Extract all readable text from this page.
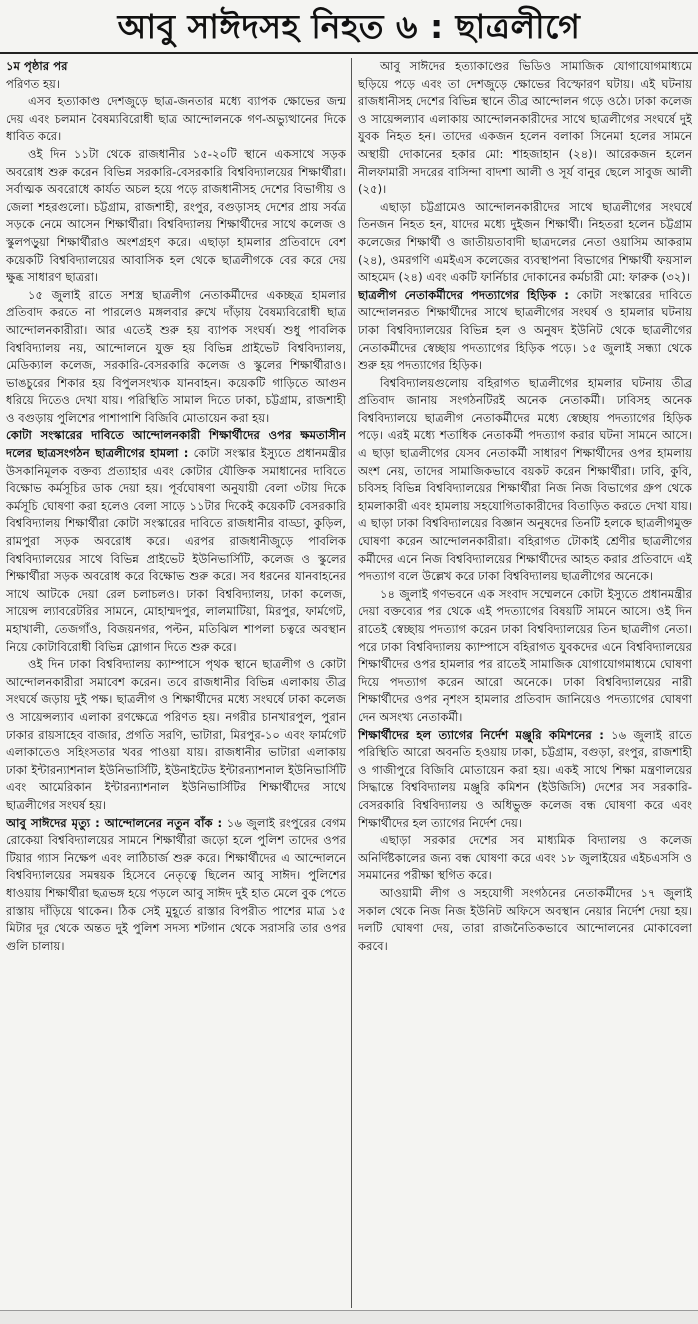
আবু সাঈদসহ নিহত ৬ : ছাত্রলীগে

১ম পৃষ্ঠার পর

পরিণত হয়।

এসব হত্যাকাণ্ড দেশজুড়ে ছাত্র-জনতার মধ্যে ব্যাপক ক্ষোভের জন্ম দেয় এবং চলমান বৈষম্যবিরোধী ছাত্র আন্দোলনকে গণ-অভ্যুত্থানের দিকে ধাবিত করে।

ওই দিন ১১টা থেকে রাজধানীর ১৫-২০টি স্থানে একসাথে সড়ক অবরোধ শুরু করেন বিভিন্ন সরকারি-বেসরকারি বিশ্ববিদ্যালয়ের শিক্ষার্থীরা। সর্বাত্মক অবরোধে কার্যত অচল হয়ে পড়ে রাজধানীসহ দেশের বিভাগীয় ও জেলা শহরগুলো। চট্টগ্রাম, রাজশাহী, রংপুর, বগুড়াসহ দেশের প্রায় সর্বত্র সড়কে নেমে আসেন শিক্ষার্থীরা। বিশ্ববিদ্যালয় শিক্ষার্থীদের সাথে কলেজ ও স্কুলপড়ুয়া শিক্ষার্থীরাও অংশগ্রহণ করে। এছাড়া হামলার প্রতিবাদে বেশ কয়েকটি বিশ্ববিদ্যালয়ের আবাসিক হল থেকে ছাত্রলীগকে বের করে দেয় ক্ষুব্ধ সাধারণ ছাত্ররা।

১৫ জুলাই রাতে সশস্ত্র ছাত্রলীগ নেতাকর্মীদের একচ্ছত্র হামলার প্রতিবাদ করতে না পারলেও মঙ্গলবার রুখে দাঁড়ায় বৈষম্যবিরোধী ছাত্র আন্দোলনকারীরা। আর এতেই শুরু হয় ব্যাপক সংঘর্ষ। শুধু পাবলিক বিশ্ববিদ্যালয় নয়, আন্দোলনে যুক্ত হয় বিভিন্ন প্রাইভেট বিশ্ববিদ্যালয়, মেডিক্যাল কলেজ, সরকারি-বেসরকারি কলেজ ও স্কুলের শিক্ষার্থীরাও। ভাঙচুরের শিকার হয় বিপুলসংখ্যক যানবাহন। কয়েকটি গাড়িতে আগুন ধরিয়ে দিতেও দেখা যায়। পরিস্থিতি সামাল দিতে ঢাকা, চট্টগ্রাম, রাজশাহী ও বগুড়ায় পুলিশের পাশাপাশি বিজিবি মোতায়েন করা হয়।

কোটা সংস্কারের দাবিতে আন্দোলনকারী শিক্ষার্থীদের ওপর ক্ষমতাসীন দলের ছাত্রসংগঠন ছাত্রলীগের হামলা : কোটা সংস্কার ইস্যুতে প্রধানমন্ত্রীর উসকানিমূলক বক্তব্য প্রত্যাহার এবং কোটার যৌক্তিক সমাধানের দাবিতে বিক্ষোভ কর্মসূচির ডাক দেয়া হয়। পূর্বঘোষণা অনুযায়ী বেলা ৩টায় দিকে কর্মসূচি ঘোষণা করা হলেও বেলা সাড়ে ১১টার দিকেই কয়েকটি বেসরকারি বিশ্ববিদ্যালয় শিক্ষার্থীরা কোটা সংস্কারের দাবিতে রাজধানীর বাড্ডা, কুড়িল, রামপুরা সড়ক অবরোধ করে। এরপর রাজধানীজুড়ে পাবলিক বিশ্ববিদ্যালয়ের সাথে বিভিন্ন প্রাইভেট ইউনিভার্সিটি, কলেজ ও স্কুলের শিক্ষার্থীরা সড়ক অবরোধ করে বিক্ষোভ শুরু করে। সব ধরনের যানবাহনের সাথে আটকে দেয়া রেল চলাচলও। ঢাকা বিশ্ববিদ্যালয়, ঢাকা কলেজ, সায়েন্স ল্যাবরেটরির সামনে, মোহাম্মদপুর, লালমাটিয়া, মিরপুর, ফার্মগেট, মহাখালী, তেজগাঁও, বিজয়নগর, পল্টন, মতিঝিল শাপলা চত্বরে অবস্থান নিয়ে কোটাবিরোধী বিভিন্ন স্লোগান দিতে শুরু করে।

ওই দিন ঢাকা বিশ্ববিদ্যালয় ক্যাম্পাসে পৃথক স্থানে ছাত্রলীগ ও কোটা আন্দোলনকারীরা সমাবেশ করেন। তবে রাজধানীর বিভিন্ন এলাকায় তীব্র সংঘর্ষে জড়ায় দুই পক্ষ। ছাত্রলীগ ও শিক্ষার্থীদের মধ্যে সংঘর্ষে ঢাকা কলেজ ও সায়েন্সল্যাব এলাকা রণক্ষেত্রে পরিণত হয়। নগরীর চানখারপুল, পুরান ঢাকার রায়সাহেব বাজার, প্রগতি সরণি, ভাটারা, মিরপুর-১০ এবং ফার্মগেট এলাকাতেও সহিংসতার খবর পাওয়া যায়। রাজধানীর ভাটারা এলাকায় ঢাকা ইন্টারন্যাশনাল ইউনিভার্সিটি, ইউনাইটেড ইন্টারন্যাশনাল ইউনিভার্সিটি এবং আমেরিকান ইন্টারন্যাশনাল ইউনিভার্সিটির শিক্ষার্থীদের সাথে ছাত্রলীগের সংঘর্ষ হয়।

আবু সাঈদের মৃত্যু : আন্দোলনের নতুন বাঁক : ১৬ জুলাই রংপুরের বেগম রোকেয়া বিশ্ববিদ্যালয়ের সামনে শিক্ষার্থীরা জড়ো হলে পুলিশ তাদের ওপর টিয়ার গ্যাস নিক্ষেপ এবং লাঠিচার্জ শুরু করে। শিক্ষার্থীদের এ আন্দোলনে বিশ্ববিদ্যালয়ের সমন্বয়ক হিসেবে নেতৃত্বে ছিলেন আবু সাঈদ। পুলিশের ধাওয়ায় শিক্ষার্থীরা ছত্রভঙ্গ হয়ে পড়লে আবু সাঈদ দুই হাত মেলে বুক পেতে রাস্তায় দাঁড়িয়ে থাকেন। ঠিক সেই মুহূর্তে রাস্তার বিপরীত পাশের মাত্র ১৫ মিটার দূর থেকে অন্তত দুই পুলিশ সদস্য শটগান থেকে সরাসরি তার ওপর গুলি চালায়।

আবু সাঈদের হত্যাকাণ্ডের ভিডিও সামাজিক যোগাযোগমাধ্যমে ছড়িয়ে পড়ে এবং তা দেশজুড়ে ক্ষোভের বিস্ফোরণ ঘটায়। এই ঘটনায় রাজধানীসহ দেশের বিভিন্ন স্থানে তীব্র আন্দোলন গড়ে ওঠে। ঢাকা কলেজ ও সায়েন্সল্যাব এলাকায় আন্দোলনকারীদের সাথে ছাত্রলীগের সংঘর্ষে দুই যুবক নিহত হন। তাদের একজন হলেন বলাকা সিনেমা হলের সামনে অস্থায়ী দোকানের হকার মো: শাহজাহান (২৪)। আরেকজন হলেন নীলফামারী সদরের বাসিন্দা বাদশা আলী ও সূর্য বানুর ছেলে সাবুজ আলী (২৫)।

এছাড়া চট্টগ্রামেও আন্দোলনকারীদের সাথে ছাত্রলীগের সংঘর্ষে তিনজন নিহত হন, যাদের মধ্যে দুইজন শিক্ষার্থী। নিহতরা হলেন চট্টগ্রাম কলেজের শিক্ষার্থী ও জাতীয়তাবাদী ছাত্রদলের নেতা ওয়াসিম আকরাম (২৪), ওমরগণি এমইএস কলেজের ব্যবস্থাপনা বিভাগের শিক্ষার্থী ফয়সাল আহমেদ (২৪) এবং একটি ফার্নিচার দোকানের কর্মচারী মো: ফারুক (৩২)।

ছাত্রলীগ নেতাকর্মীদের পদত্যাগের হিড়িক : কোটা সংস্কারের দাবিতে আন্দোলনরত শিক্ষার্থীদের সাথে ছাত্রলীগের সংঘর্ষ ও হামলার ঘটনায় ঢাকা বিশ্ববিদ্যালয়ের বিভিন্ন হল ও অনুষদ ইউনিট থেকে ছাত্রলীগের নেতাকর্মীদের স্বেচ্ছায় পদত্যাগের হিড়িক পড়ে। ১৫ জুলাই সন্ধ্যা থেকে শুরু হয় পদত্যাগের হিড়িক।

বিশ্ববিদ্যালয়গুলোয় বহিরাগত ছাত্রলীগের হামলার ঘটনায় তীব্র প্রতিবাদ জানায় সংগঠনটিরই অনেক নেতাকর্মী। ঢাবিসহ অনেক বিশ্ববিদ্যালয়ে ছাত্রলীগ নেতাকর্মীদের মধ্যে স্বেচ্ছায় পদত্যাগের হিড়িক পড়ে। এরই মধ্যে শতাধিক নেতাকর্মী পদত্যাগ করার ঘটনা সামনে আসে। এ ছাড়া ছাত্রলীগের যেসব নেতাকর্মী সাধারণ শিক্ষার্থীদের ওপর হামলায় অংশ নেয়, তাদের সামাজিকভাবে বয়কট করেন শিক্ষার্থীরা। ঢাবি, কুবি, চবিসহ বিভিন্ন বিশ্ববিদ্যালয়ের শিক্ষার্থীরা নিজ নিজ বিভাগের গ্রুপ থেকে হামলাকারী এবং হামলায় সহযোগিতাকারীদের বিতাড়িত করতে দেখা যায়। এ ছাড়া ঢাকা বিশ্ববিদ্যালয়ের বিজ্ঞান অনুষদের তিনটি হলকে ছাত্রলীগমুক্ত ঘোষণা করেন আন্দোলনকারীরা। বহিরাগত টোকাই শ্রেণীর ছাত্রলীগের কর্মীদের এনে নিজ বিশ্ববিদ্যালয়ের শিক্ষার্থীদের আহত করার প্রতিবাদে এই পদত্যাগ বলে উল্লেখ করে ঢাকা বিশ্ববিদ্যালয় ছাত্রলীগের অনেকে।

১৪ জুলাই গণভবনে এক সংবাদ সম্মেলনে কোটা ইস্যুতে প্রধানমন্ত্রীর দেয়া বক্তব্যের পর থেকে এই পদত্যাগের বিষয়টি সামনে আসে। ওই দিন রাতেই স্বেচ্ছায় পদত্যাগ করেন ঢাকা বিশ্ববিদ্যালয়ের তিন ছাত্রলীগ নেতা। পরে ঢাকা বিশ্ববিদ্যালয় ক্যাম্পাসে বহিরাগত যুবকদের এনে বিশ্ববিদ্যালয়ের শিক্ষার্থীদের ওপর হামলার পর রাতেই সামাজিক যোগাযোগমাধ্যমে ঘোষণা দিয়ে পদত্যাগ করেন আরো অনেকে। ঢাকা বিশ্ববিদ্যালয়ের নারী শিক্ষার্থীদের ওপর নৃশংস হামলার প্রতিবাদ জানিয়েও পদত্যাগের ঘোষণা দেন অসংখ্য নেতাকর্মী।

শিক্ষার্থীদের হল ত্যাগের নির্দেশ মঞ্জুরি কমিশনের : ১৬ জুলাই রাতে পরিস্থিতি আরো অবনতি হওয়ায় ঢাকা, চট্টগ্রাম, বগুড়া, রংপুর, রাজশাহী ও গাজীপুরে বিজিবি মোতায়েন করা হয়। একই সাথে শিক্ষা মন্ত্রণালয়ের সিদ্ধান্তে বিশ্ববিদ্যালয় মঞ্জুরি কমিশন (ইউজিসি) দেশের সব সরকারি-বেসরকারি বিশ্ববিদ্যালয় ও অধিভুক্ত কলেজ বন্ধ ঘোষণা করে এবং শিক্ষার্থীদের হল ত্যাগের নির্দেশ দেয়।

এছাড়া সরকার দেশের সব মাধ্যমিক বিদ্যালয় ও কলেজ অনির্দিষ্টকালের জন্য বন্ধ ঘোষণা করে এবং ১৮ জুলাইয়ের এইচএসসি ও সমমানের পরীক্ষা স্থগিত করে।

আওয়ামী লীগ ও সহযোগী সংগঠনের নেতাকর্মীদের ১৭ জুলাই সকাল থেকে নিজ নিজ ইউনিট অফিসে অবস্থান নেয়ার নির্দেশ দেয়া হয়। দলটি ঘোষণা দেয়, তারা রাজনৈতিকভাবে আন্দোলনের মোকাবেলা করবে।
